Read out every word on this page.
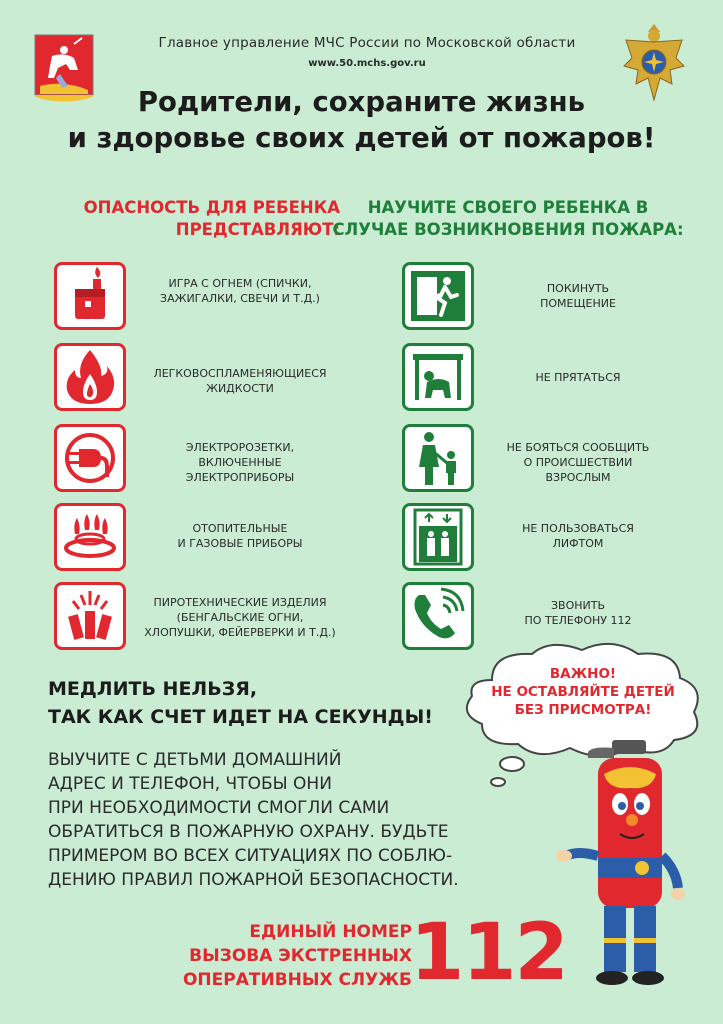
Главное управление МЧС России по Московской области
www.50.mchs.gov.ru
Родители, сохраните жизнь
и здоровье своих детей от пожаров!
ОПАСНОСТЬ ДЛЯ РЕБЕНКА
ПРЕДСТАВЛЯЮТ:
НАУЧИТЕ СВОЕГО РЕБЕНКА В
СЛУЧАЕ ВОЗНИКНОВЕНИЯ ПОЖАРА:
ИГРА С ОГНЕМ (СПИЧКИ,
ЗАЖИГАЛКИ, СВЕЧИ И Т.Д.)
ЛЕГКОВОСПЛАМЕНЯЮЩИЕСЯ
ЖИДКОСТИ
ЭЛЕКТРОРОЗЕТКИ,
ВКЛЮЧЕННЫЕ
ЭЛЕКТРОПРИБОРЫ
ОТОПИТЕЛЬНЫЕ
И ГАЗОВЫЕ ПРИБОРЫ
ПИРОТЕХНИЧЕСКИЕ ИЗДЕЛИЯ
(БЕНГАЛЬСКИЕ ОГНИ,
ХЛОПУШКИ, ФЕЙЕРВЕРКИ И Т.Д.)
ПОКИНУТЬ
ПОМЕЩЕНИЕ
НЕ ПРЯТАТЬСЯ
НЕ БОЯТЬСЯ СООБЩИТЬ
О ПРОИСШЕСТВИИ
ВЗРОСЛЫМ
НЕ ПОЛЬЗОВАТЬСЯ
ЛИФТОМ
ЗВОНИТЬ
ПО ТЕЛЕФОНУ 112
МЕДЛИТЬ НЕЛЬЗЯ,
ТАК КАК СЧЕТ ИДЕТ НА СЕКУНДЫ!
ВАЖНО!
НЕ ОСТАВЛЯЙТЕ ДЕТЕЙ
БЕЗ ПРИСМОТРА!
ВЫУЧИТЕ С ДЕТЬМИ ДОМАШНИЙ
АДРЕС И ТЕЛЕФОН, ЧТОБЫ ОНИ
ПРИ НЕОБХОДИМОСТИ СМОГЛИ САМИ
ОБРАТИТЬСЯ В ПОЖАРНУЮ ОХРАНУ. БУДЬТЕ
ПРИМЕРОМ ВО ВСЕХ СИТУАЦИЯХ ПО СОБЛЮ-
ДЕНИЮ ПРАВИЛ ПОЖАРНОЙ БЕЗОПАСНОСТИ.
ЕДИНЫЙ НОМЕР
ВЫЗОВА ЭКСТРЕННЫХ
ОПЕРАТИВНЫХ СЛУЖБ
112
